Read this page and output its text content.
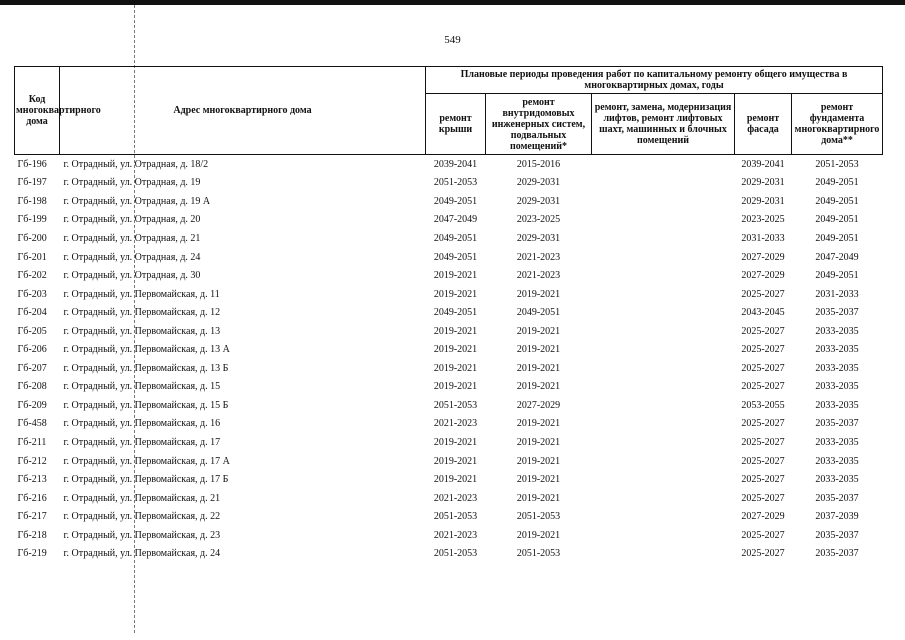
549
Код многоквартирного дома	Адрес многоквартирного дома	Плановые периоды проведения работ по капитальному ремонту общего имущества в многоквартирных домах, годы				
		ремонт крыши	ремонт внутридомовых инженерных систем, подвальных помещений*	ремонт, замена, модернизация лифтов, ремонт лифтовых шахт, машинных и блочных помещений	ремонт фасада	ремонт фундамента многоквартирного дома**
Гб-196	г. Отрадный, ул. Отрадная, д. 18/2	2039-2041	2015-2016		2039-2041	2051-2053
Гб-197	г. Отрадный, ул. Отрадная, д. 19	2051-2053	2029-2031		2029-2031	2049-2051
Гб-198	г. Отрадный, ул. Отрадная, д. 19 А	2049-2051	2029-2031		2029-2031	2049-2051
Гб-199	г. Отрадный, ул. Отрадная, д. 20	2047-2049	2023-2025		2023-2025	2049-2051
Гб-200	г. Отрадный, ул. Отрадная, д. 21	2049-2051	2029-2031		2031-2033	2049-2051
Гб-201	г. Отрадный, ул. Отрадная, д. 24	2049-2051	2021-2023		2027-2029	2047-2049
Гб-202	г. Отрадный, ул. Отрадная, д. 30	2019-2021	2021-2023		2027-2029	2049-2051
Гб-203	г. Отрадный, ул. Первомайская, д. 11	2019-2021	2019-2021		2025-2027	2031-2033
Гб-204	г. Отрадный, ул. Первомайская, д. 12	2049-2051	2049-2051		2043-2045	2035-2037
Гб-205	г. Отрадный, ул. Первомайская, д. 13	2019-2021	2019-2021		2025-2027	2033-2035
Гб-206	г. Отрадный, ул. Первомайская, д. 13 А	2019-2021	2019-2021		2025-2027	2033-2035
Гб-207	г. Отрадный, ул. Первомайская, д. 13 Б	2019-2021	2019-2021		2025-2027	2033-2035
Гб-208	г. Отрадный, ул. Первомайская, д. 15	2019-2021	2019-2021		2025-2027	2033-2035
Гб-209	г. Отрадный, ул. Первомайская, д. 15 Б	2051-2053	2027-2029		2053-2055	2033-2035
Гб-458	г. Отрадный, ул. Первомайская, д. 16	2021-2023	2019-2021		2025-2027	2035-2037
Гб-211	г. Отрадный, ул. Первомайская, д. 17	2019-2021	2019-2021		2025-2027	2033-2035
Гб-212	г. Отрадный, ул. Первомайская, д. 17 А	2019-2021	2019-2021		2025-2027	2033-2035
Гб-213	г. Отрадный, ул. Первомайская, д. 17 Б	2019-2021	2019-2021		2025-2027	2033-2035
Гб-216	г. Отрадный, ул. Первомайская, д. 21	2021-2023	2019-2021		2025-2027	2035-2037
Гб-217	г. Отрадный, ул. Первомайская, д. 22	2051-2053	2051-2053		2027-2029	2037-2039
Гб-218	г. Отрадный, ул. Первомайская, д. 23	2021-2023	2019-2021		2025-2027	2035-2037
Гб-219	г. Отрадный, ул. Первомайская, д. 24	2051-2053	2051-2053		2025-2027	2035-2037
